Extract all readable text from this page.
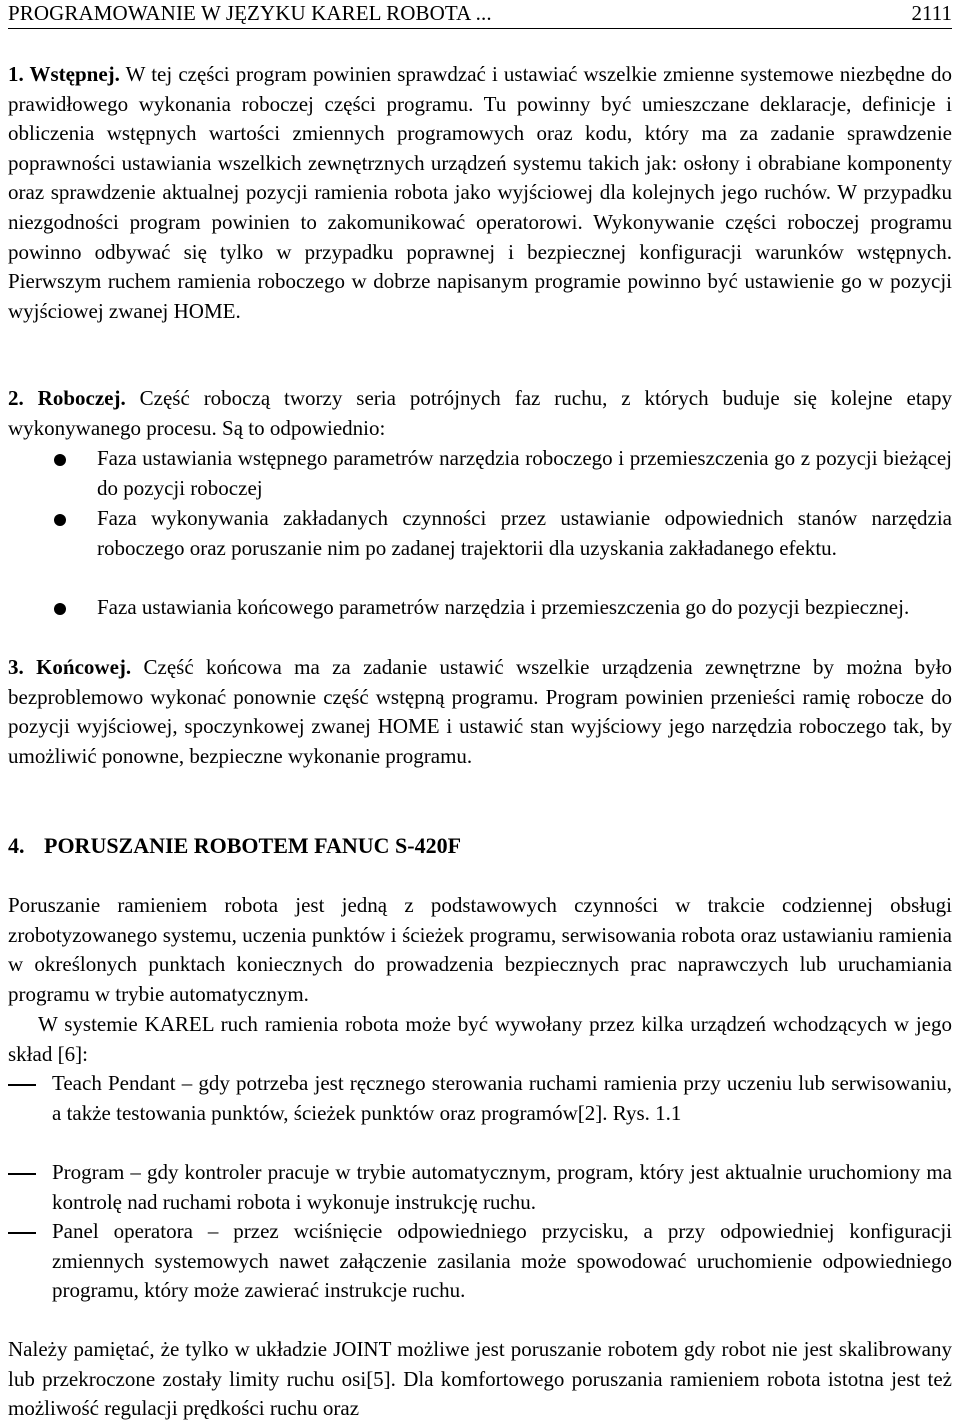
PROGRAMOWANIE W JĘZYKU KAREL ROBOTA ...	2111

1. Wstępnej. W tej części program powinien sprawdzać i ustawiać wszelkie zmienne systemowe niezbędne do prawidłowego wykonania roboczej części programu. Tu powinny być umieszczane deklaracje, definicje i obliczenia wstępnych wartości zmiennych programowych oraz kodu, który ma za zadanie sprawdzenie poprawności ustawiania wszelkich zewnętrznych urządzeń systemu takich jak: osłony i obrabiane komponenty oraz sprawdzenie aktualnej pozycji ramienia robota jako wyjściowej dla kolejnych jego ruchów. W przypadku niezgodności program powinien to zakomunikować operatorowi. Wykonywanie części roboczej programu powinno odbywać się tylko w przypadku poprawnej i bezpiecznej konfiguracji warunków wstępnych. Pierwszym ruchem ramienia roboczego w dobrze napisanym programie powinno być ustawienie go w pozycji wyjściowej zwanej HOME.

2. Roboczej. Część roboczą tworzy seria potrójnych faz ruchu, z których buduje się kolejne etapy wykonywanego procesu. Są to odpowiednio:

Faza ustawiania wstępnego parametrów narzędzia roboczego i przemieszczenia go z pozycji bieżącej do pozycji roboczej

Faza wykonywania zakładanych czynności przez ustawianie odpowiednich stanów narzędzia roboczego oraz poruszanie nim po zadanej trajektorii dla uzyskania zakładanego efektu.

Faza ustawiania końcowego parametrów narzędzia i przemieszczenia go do pozycji bezpiecznej.

3. Końcowej. Część końcowa ma za zadanie ustawić wszelkie urządzenia zewnętrzne by można było bezproblemowo wykonać ponownie część wstępną programu. Program powinien przenieści ramię robocze do pozycji wyjściowej, spoczynkowej zwanej HOME i ustawić stan wyjściowy jego narzędzia roboczego tak, by umożliwić ponowne, bezpieczne wykonanie programu.

4. PORUSZANIE ROBOTEM FANUC S-420F

Poruszanie ramieniem robota jest jedną z podstawowych czynności w trakcie codziennej obsługi zrobotyzowanego systemu, uczenia punktów i ścieżek programu, serwisowania robota oraz ustawianiu ramienia w określonych punktach koniecznych do prowadzenia bezpiecznych prac naprawczych lub uruchamiania programu w trybie automatycznym.

W systemie KAREL ruch ramienia robota może być wywołany przez kilka urządzeń wchodzących w jego skład [6]:

Teach Pendant – gdy potrzeba jest ręcznego sterowania ruchami ramienia przy uczeniu lub serwisowaniu, a także testowania punktów, ścieżek punktów oraz programów[2]. Rys. 1.1

Program – gdy kontroler pracuje w trybie automatycznym, program, który jest aktualnie uruchomiony ma kontrolę nad ruchami robota i wykonuje instrukcję ruchu.

Panel operatora – przez wciśnięcie odpowiedniego przycisku, a przy odpowiedniej konfiguracji zmiennych systemowych nawet załączenie zasilania może spowodować uruchomienie odpowiedniego programu, który może zawierać instrukcje ruchu.

Należy pamiętać, że tylko w układzie JOINT możliwe jest poruszanie robotem gdy robot nie jest skalibrowany lub przekroczone zostały limity ruchu osi[5]. Dla komfortowego poruszania ramieniem robota istotna jest też możliwość regulacji prędkości ruchu oraz
